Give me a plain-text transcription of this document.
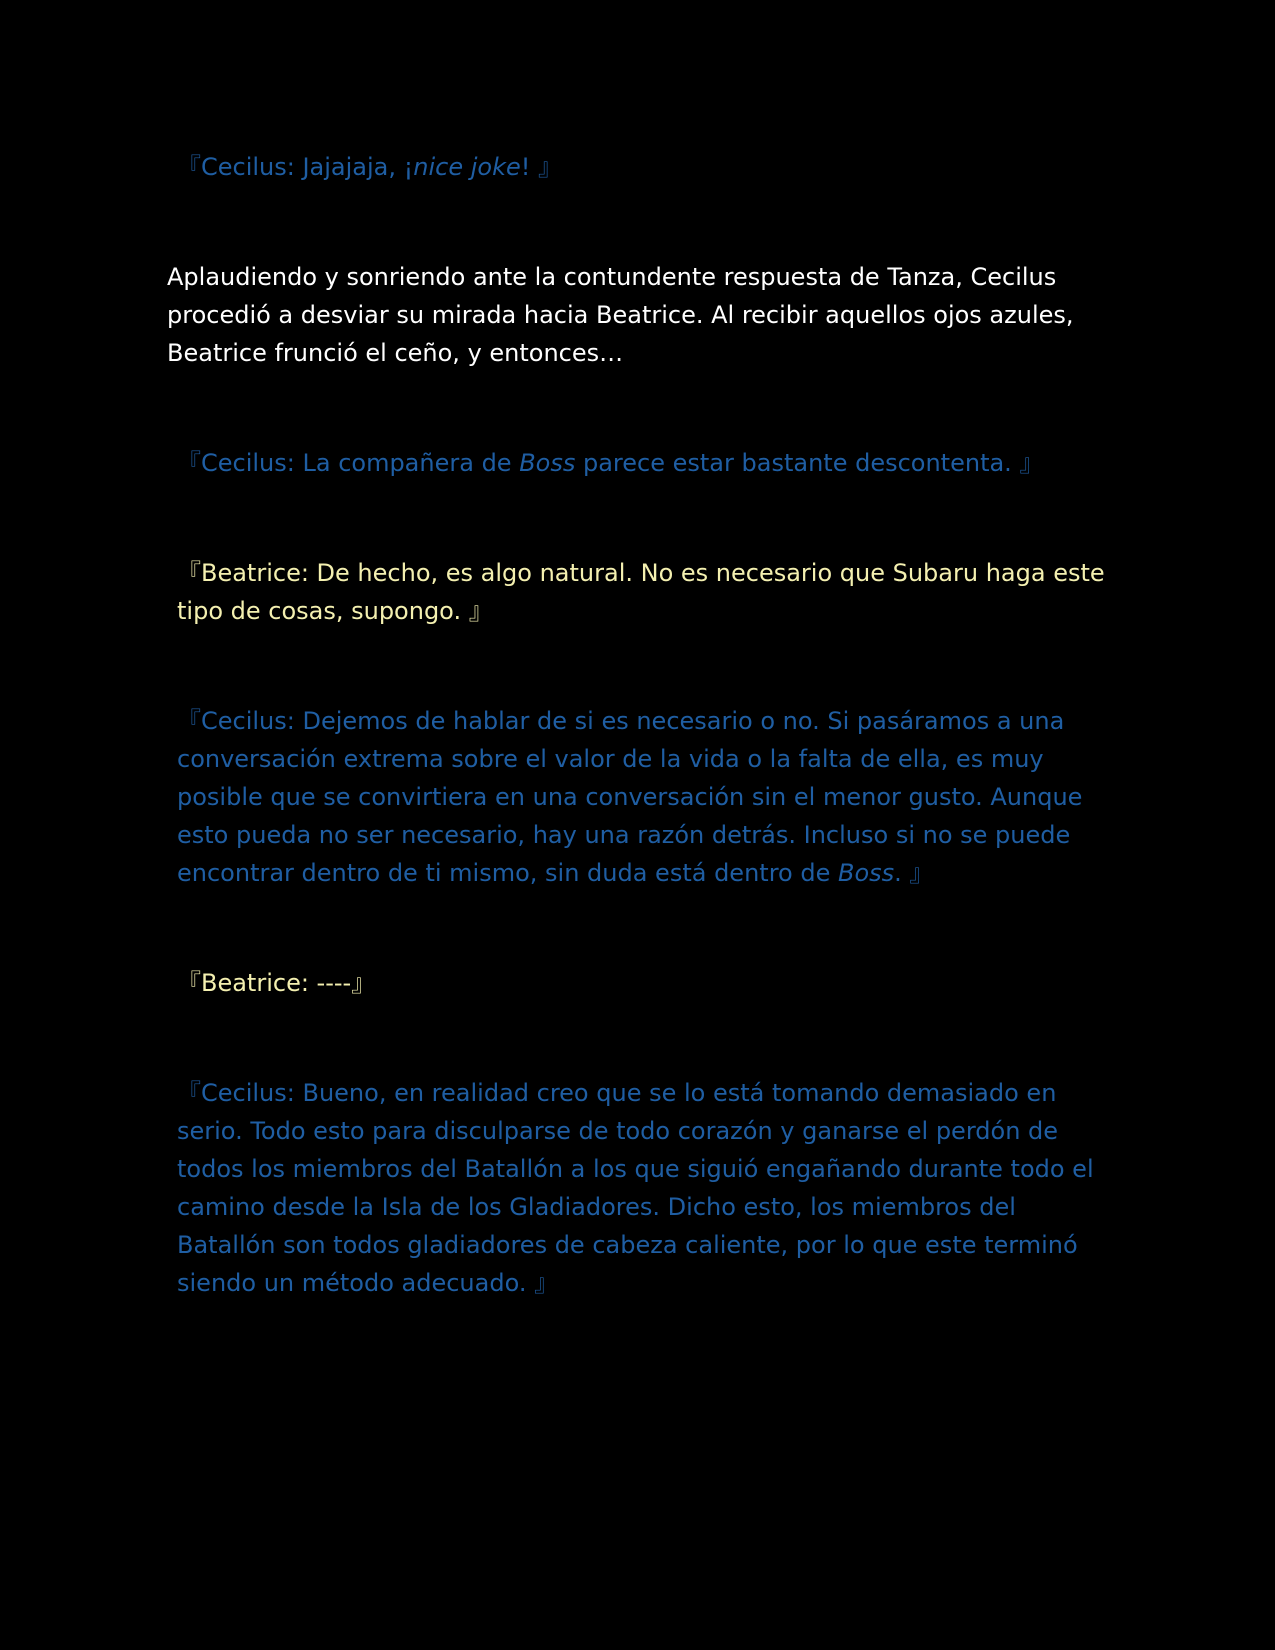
『Cecilus: Jajajaja, ¡nice joke! 』

Aplaudiendo y sonriendo ante la contundente respuesta de Tanza, Cecilus procedió a desviar su mirada hacia Beatrice. Al recibir aquellos ojos azules, Beatrice frunció el ceño, y entonces…

『Cecilus: La compañera de Boss parece estar bastante descontenta. 』

『Beatrice: De hecho, es algo natural. No es necesario que Subaru haga este tipo de cosas, supongo. 』

『Cecilus: Dejemos de hablar de si es necesario o no. Si pasáramos a una conversación extrema sobre el valor de la vida o la falta de ella, es muy posible que se convirtiera en una conversación sin el menor gusto. Aunque esto pueda no ser necesario, hay una razón detrás. Incluso si no se puede encontrar dentro de ti mismo, sin duda está dentro de Boss. 』

『Beatrice: ----』

『Cecilus: Bueno, en realidad creo que se lo está tomando demasiado en serio. Todo esto para disculparse de todo corazón y ganarse el perdón de todos los miembros del Batallón a los que siguió engañando durante todo el camino desde la Isla de los Gladiadores. Dicho esto, los miembros del Batallón son todos gladiadores de cabeza caliente, por lo que este terminó siendo un método adecuado. 』
